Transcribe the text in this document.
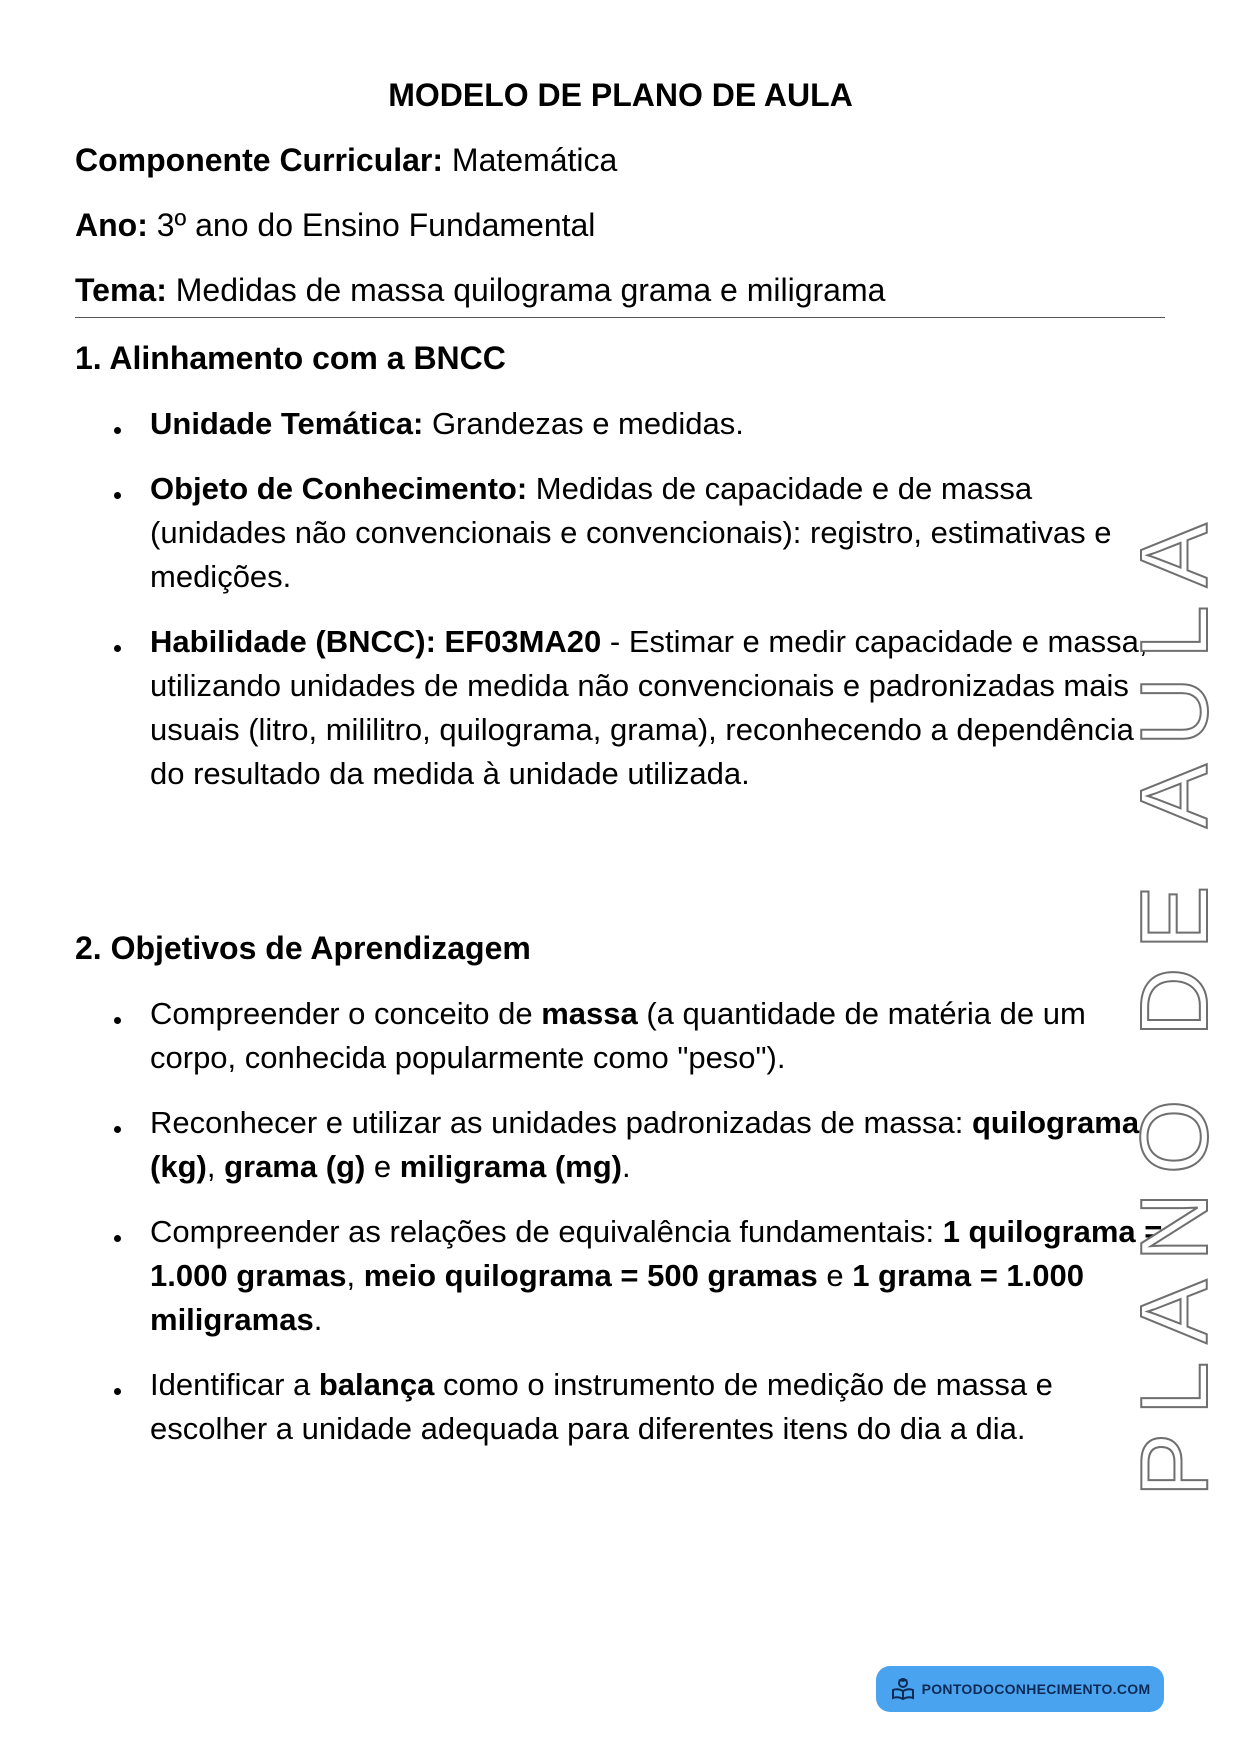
MODELO DE PLANO DE AULA
Componente Curricular: Matemática
Ano: 3º ano do Ensino Fundamental
Tema: Medidas de massa quilograma grama e miligrama
1. Alinhamento com a BNCC
Unidade Temática: Grandezas e medidas.
Objeto de Conhecimento: Medidas de capacidade e de massa (unidades não convencionais e convencionais): registro, estimativas e medições.
Habilidade (BNCC): EF03MA20 - Estimar e medir capacidade e massa, utilizando unidades de medida não convencionais e padronizadas mais usuais (litro, mililitro, quilograma, grama), reconhecendo a dependência do resultado da medida à unidade utilizada.
2. Objetivos de Aprendizagem
Compreender o conceito de massa (a quantidade de matéria de um corpo, conhecida popularmente como "peso").
Reconhecer e utilizar as unidades padronizadas de massa: quilograma (kg), grama (g) e miligrama (mg).
Compreender as relações de equivalência fundamentais: 1 quilograma = 1.000 gramas, meio quilograma = 500 gramas e 1 grama = 1.000 miligramas.
Identificar a balança como o instrumento de medição de massa e escolher a unidade adequada para diferentes itens do dia a dia. PLANO DE AULA
PONTODOCONHECIMENTO.COM
